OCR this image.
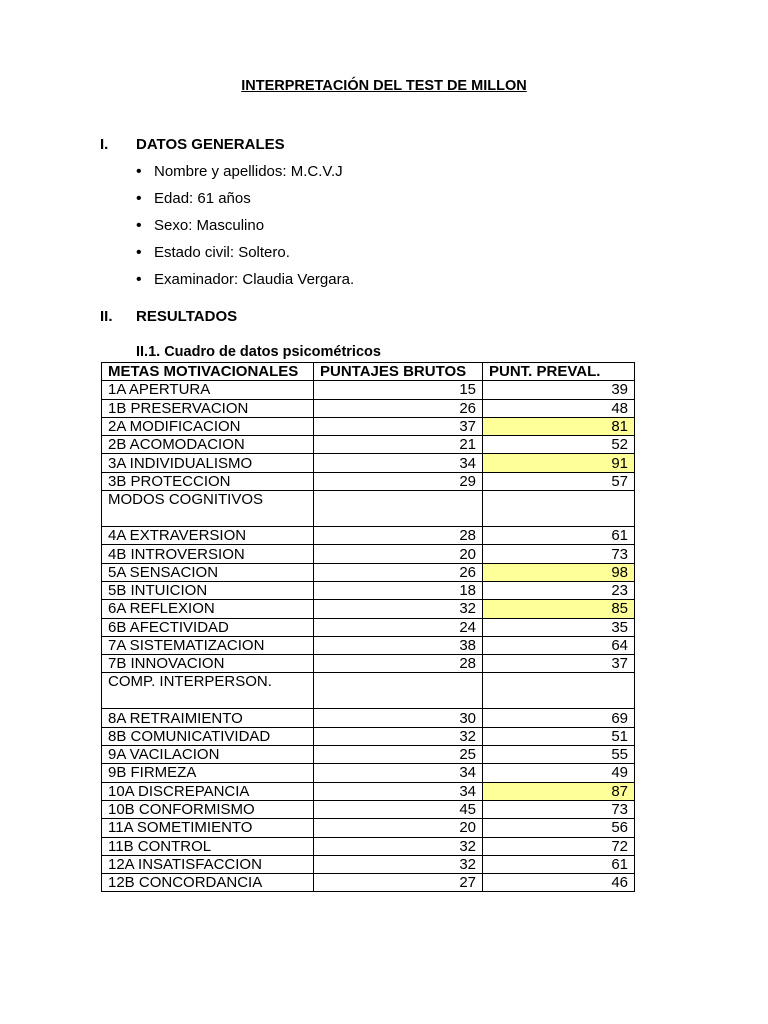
INTERPRETACIÓN DEL TEST DE MILLON
I. DATOS GENERALES
• Nombre y apellidos: M.C.V.J
• Edad: 61 años
• Sexo: Masculino
• Estado civil: Soltero.
• Examinador: Claudia Vergara.
II. RESULTADOS
II.1. Cuadro de datos psicométricos
METAS MOTIVACIONALES	PUNTAJES BRUTOS	PUNT. PREVAL.
1A APERTURA	15	39
1B PRESERVACION	26	48
2A MODIFICACION	37	81
2B ACOMODACION	21	52
3A INDIVIDUALISMO	34	91
3B PROTECCION	29	57
MODOS COGNITIVOS		
4A EXTRAVERSION	28	61
4B INTROVERSION	20	73
5A SENSACION	26	98
5B INTUICION	18	23
6A REFLEXION	32	85
6B AFECTIVIDAD	24	35
7A SISTEMATIZACION	38	64
7B INNOVACION	28	37
COMP. INTERPERSON.		
8A RETRAIMIENTO	30	69
8B COMUNICATIVIDAD	32	51
9A VACILACION	25	55
9B FIRMEZA	34	49
10A DISCREPANCIA	34	87
10B CONFORMISMO	45	73
11A SOMETIMIENTO	20	56
11B CONTROL	32	72
12A INSATISFACCION	32	61
12B CONCORDANCIA	27	46
